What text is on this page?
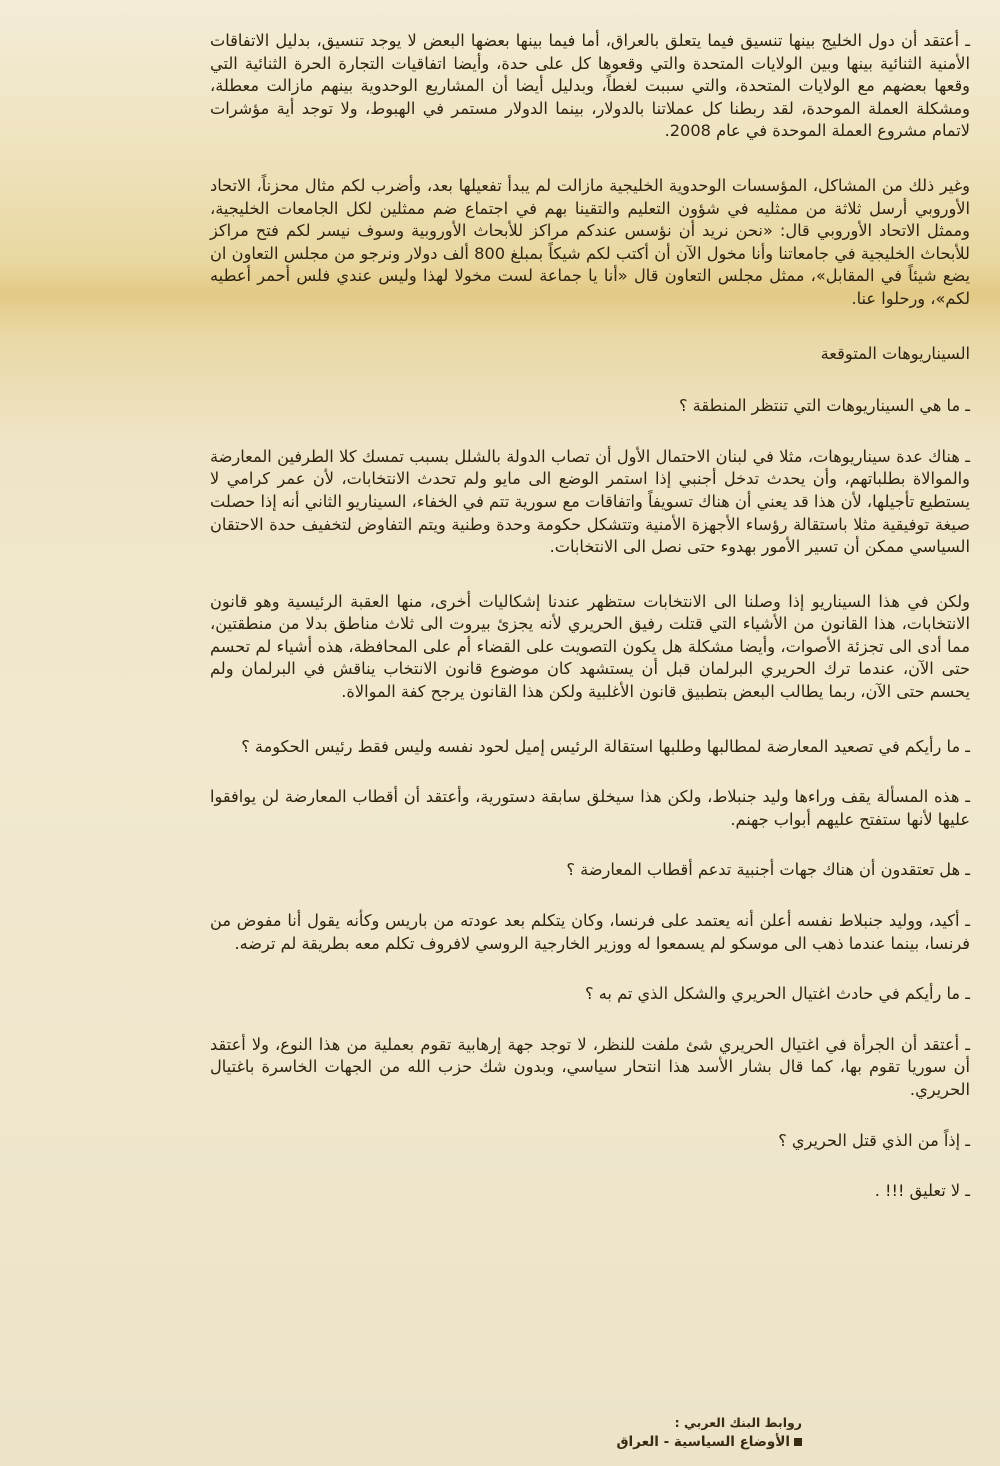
ـ أعتقد أن دول الخليج بينها تنسيق فيما يتعلق بالعراق، أما فيما بينها بعضها البعض لا يوجد تنسيق، بدليل الاتفاقات الأمنية الثنائية بينها وبين الولايات المتحدة والتي وقعوها كل على حدة، وأيضا اتفاقيات التجارة الحرة الثنائية التي وقعها بعضهم مع الولايات المتحدة، والتي سببت لغطاً، وبدليل أيضا أن المشاريع الوحدوية بينهم مازالت معطلة، ومشكلة العملة الموحدة، لقد ربطنا كل عملاتنا بالدولار، بينما الدولار مستمر في الهبوط، ولا توجد أية مؤشرات لاتمام مشروع العملة الموحدة في عام 2008.

وغير ذلك من المشاكل، المؤسسات الوحدوية الخليجية مازالت لم يبدأ تفعيلها بعد، وأضرب لكم مثال محزناً، الاتحاد الأوروبي أرسل ثلاثة من ممثليه في شؤون التعليم والتقينا بهم في اجتماع ضم ممثلين لكل الجامعات الخليجية، وممثل الاتحاد الأوروبي قال: «نحن نريد أن نؤسس عندكم مراكز للأبحاث الأوروبية وسوف نيسر لكم فتح مراكز للأبحاث الخليجية في جامعاتنا وأنا مخول الآن أن أكتب لكم شيكاً بمبلغ 800 ألف دولار ونرجو من مجلس التعاون ان يضع شيئاً في المقابل»، ممثل مجلس التعاون قال «أنا يا جماعة لست مخولا لهذا وليس عندي فلس أحمر أعطيه لكم»، ورحلوا عنا.

السيناريوهات المتوقعة

ـ ما هي السيناريوهات التي تنتظر المنطقة ؟

ـ هناك عدة سيناريوهات، مثلا في لبنان الاحتمال الأول أن تصاب الدولة بالشلل بسبب تمسك كلا الطرفين المعارضة والموالاة بطلباتهم، وأن يحدث تدخل أجنبي إذا استمر الوضع الى مايو ولم تحدث الانتخابات، لأن عمر كرامي لا يستطيع تأجيلها، لأن هذا قد يعني أن هناك تسويفاً واتفاقات مع سورية تتم في الخفاء، السيناريو الثاني أنه إذا حصلت صيغة توفيقية مثلا باستقالة رؤساء الأجهزة الأمنية وتتشكل حكومة وحدة وطنية ويتم التفاوض لتخفيف حدة الاحتقان السياسي ممكن أن تسير الأمور بهدوء حتى نصل الى الانتخابات.

ولكن في هذا السيناريو إذا وصلنا الى الانتخابات ستظهر عندنا إشكاليات أخرى، منها العقبة الرئيسية وهو قانون الانتخابات، هذا القانون من الأشياء التي قتلت رفيق الحريري لأنه يجزئ بيروت الى ثلاث مناطق بدلا من منطقتين، مما أدى الى تجزئة الأصوات، وأيضا مشكلة هل يكون التصويت على القضاء أم على المحافظة، هذه أشياء لم تحسم حتى الآن، عندما ترك الحريري البرلمان قبل أن يستشهد كان موضوع قانون الانتخاب يناقش في البرلمان ولم يحسم حتى الآن، ربما يطالب البعض بتطبيق قانون الأغلبية ولكن هذا القانون يرجح كفة الموالاة.

ـ ما رأيكم في تصعيد المعارضة لمطالبها وطلبها استقالة الرئيس إميل لحود نفسه وليس فقط رئيس الحكومة ؟

ـ هذه المسألة يقف وراءها وليد جنبلاط، ولكن هذا سيخلق سابقة دستورية، وأعتقد أن أقطاب المعارضة لن يوافقوا عليها لأنها ستفتح عليهم أبواب جهنم.

ـ هل تعتقدون أن هناك جهات أجنبية تدعم أقطاب المعارضة ؟

ـ أكيد، ووليد جنبلاط نفسه أعلن أنه يعتمد على فرنسا، وكان يتكلم بعد عودته من باريس وكأنه يقول أنا مفوض من فرنسا، بينما عندما ذهب الى موسكو لم يسمعوا له ووزير الخارجية الروسي لافروف تكلم معه بطريقة لم ترضه.

ـ ما رأيكم في حادث اغتيال الحريري والشكل الذي تم به ؟

ـ أعتقد أن الجرأة في اغتيال الحريري شئ ملفت للنظر، لا توجد جهة إرهابية تقوم بعملية من هذا النوع، ولا أعتقد أن سوريا تقوم بها، كما قال بشار الأسد هذا انتحار سياسي، وبدون شك حزب الله من الجهات الخاسرة باغتيال الحريري.

ـ إذاً من الذي قتل الحريري ؟

ـ لا تعليق !!! .

روابط البنك العربي :
الأوضاع السياسية - العراق
